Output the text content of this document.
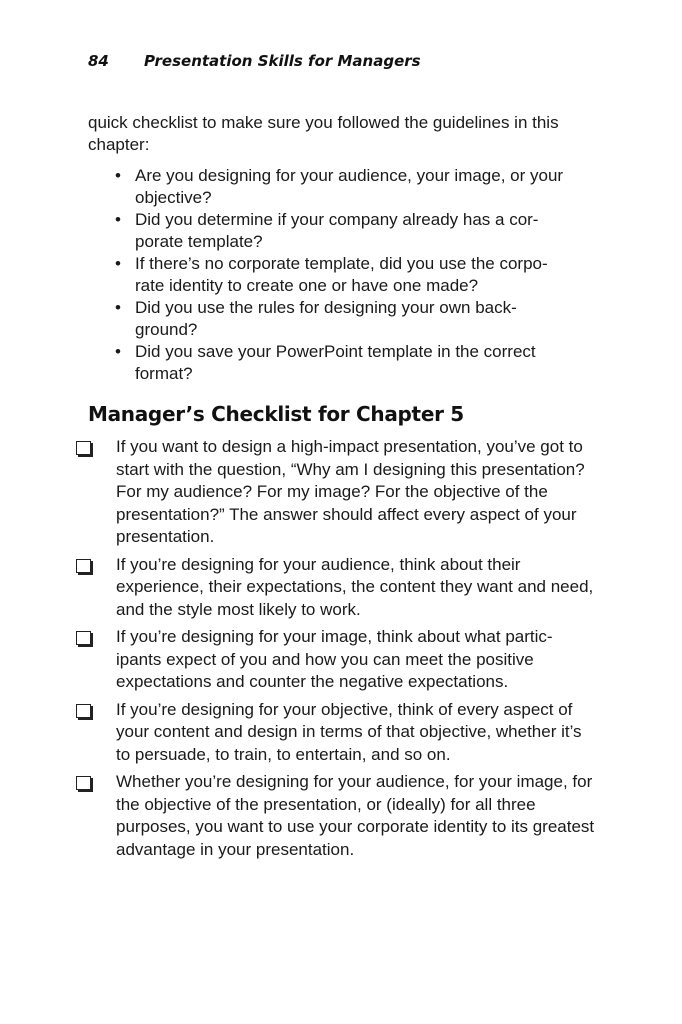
84	Presentation Skills for Managers

quick checklist to make sure you followed the guidelines in this chapter:

• Are you designing for your audience, your image, or your objective?
• Did you determine if your company already has a cor- porate template?
• If there’s no corporate template, did you use the corpo- rate identity to create one or have one made?
• Did you use the rules for designing your own back- ground?
• Did you save your PowerPoint template in the correct format?
Manager’s Checklist for Chapter 5
If you want to design a high-impact presentation, you’ve got to start with the question, “Why am I designing this presentation? For my audience? For my image? For the objective of the presentation?” The answer should affect every aspect of your presentation.
If you’re designing for your audience, think about their experience, their expectations, the content they want and need, and the style most likely to work.
If you’re designing for your image, think about what partic- ipants expect of you and how you can meet the positive expectations and counter the negative expectations.
If you’re designing for your objective, think of every aspect of your content and design in terms of that objective, whether it’s to persuade, to train, to entertain, and so on.
Whether you’re designing for your audience, for your image, for the objective of the presentation, or (ideally) for all three purposes, you want to use your corporate identity to its greatest advantage in your presentation.
